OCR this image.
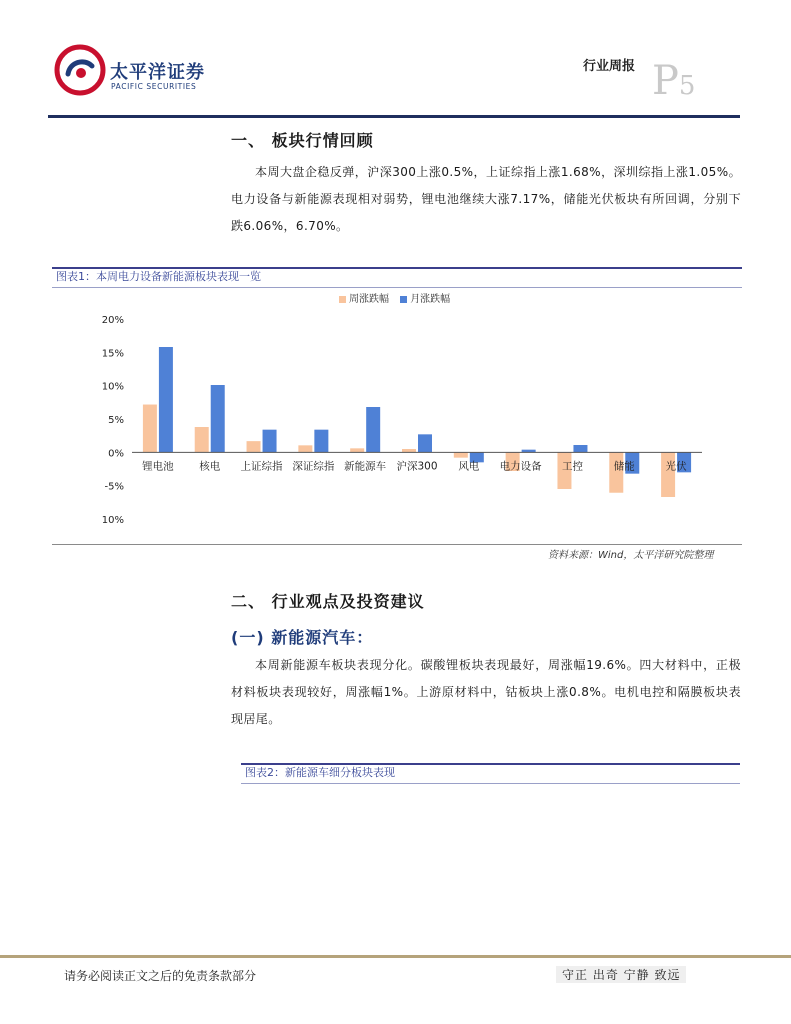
太平洋证券
PACIFIC SECURITIES
行业周报 P5
一、 板块行情回顾
本周大盘企稳反弹，沪深300上涨0.5%，上证综指上涨1.68%，深圳综指上涨1.05%。电力设备与新能源表现相对弱势，锂电池继续大涨7.17%，储能光伏板块有所回调，分别下跌6.06%，6.70%。
图表1：本周电力设备新能源板块表现一览
周涨跌幅 月涨跌幅
20%
15%
10%
5%
0%
-5%
10%
锂电池 核电 上证综指 深证综指 新能源车 沪深300 风电 电力设备 工控	储能	光伏
资料来源：Wind，太平洋研究院整理
二、 行业观点及投资建议
(一) 新能源汽车：
本周新能源车板块表现分化。碳酸锂板块表现最好，周涨幅19.6%。四大材料中，正极材料板块表现较好，周涨幅1%。上游原材料中，钴板块上涨0.8%。电机电控和隔膜板块表现居尾。
图表2：新能源车细分板块表现
请务必阅读正文之后的免责条款部分	守正 出奇 宁静 致远
